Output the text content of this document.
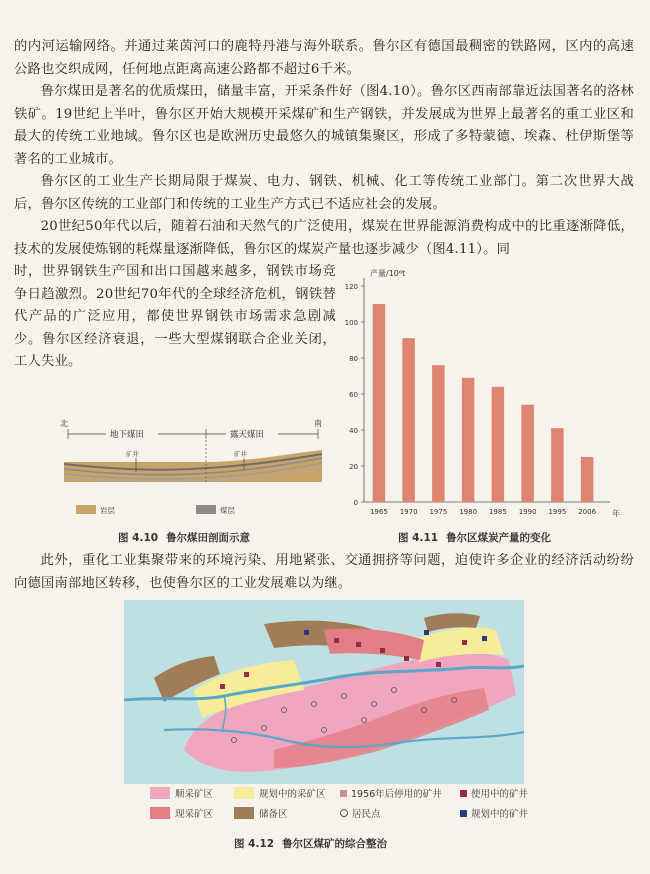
的内河运输网络。并通过莱茵河口的鹿特丹港与海外联系。鲁尔区有德国最稠密的铁路网，区内的高速公路也交织成网，任何地点距离高速公路都不超过6千米。

鲁尔煤田是著名的优质煤田，储量丰富，开采条件好（图4.10）。鲁尔区西南部靠近法国著名的洛林铁矿。19世纪上半叶，鲁尔区开始大规模开采煤矿和生产钢铁，并发展成为世界上最著名的重工业区和最大的传统工业地域。鲁尔区也是欧洲历史最悠久的城镇集聚区，形成了多特蒙德、埃森、杜伊斯堡等著名的工业城市。

鲁尔区的工业生产长期局限于煤炭、电力、钢铁、机械、化工等传统工业部门。第二次世界大战后，鲁尔区传统的工业部门和传统的工业生产方式已不适应社会的发展。

20世纪50年代以后，随着石油和天然气的广泛使用，煤炭在世界能源消费构成中的比重逐渐降低，技术的发展使炼钢的耗煤量逐渐降低，鲁尔区的煤炭产量也逐步减少（图4.11）。同

时，世界钢铁生产国和出口国越来越多，钢铁市场竞争日趋激烈。20世纪70年代的全球经济危机，钢铁替代产品的广泛应用，都使世界钢铁市场需求急剧减少。鲁尔区经济衰退，一些大型煤钢联合企业关闭，工人失业。

北	南
地下煤田	露天煤田
矿井	矿井
岩层	煤层
图 4.10 鲁尔煤田剖面示意
产量/10⁶t
年
0
20
40
60
80
100
120
1965 1970 1975 1980 1985 1990 1995 2006
图 4.11 鲁尔区煤炭产量的变化

此外，重化工业集聚带来的环境污染、用地紧张、交通拥挤等问题，迫使许多企业的经济活动纷纷向德国南部地区转移，也使鲁尔区的工业发展难以为继。

顺采矿区	规划中的采矿区	1956年后停用的矿井	使用中的矿井
现采矿区	储备区	居民点	规划中的矿井
图 4.12 鲁尔区煤矿的综合整治
